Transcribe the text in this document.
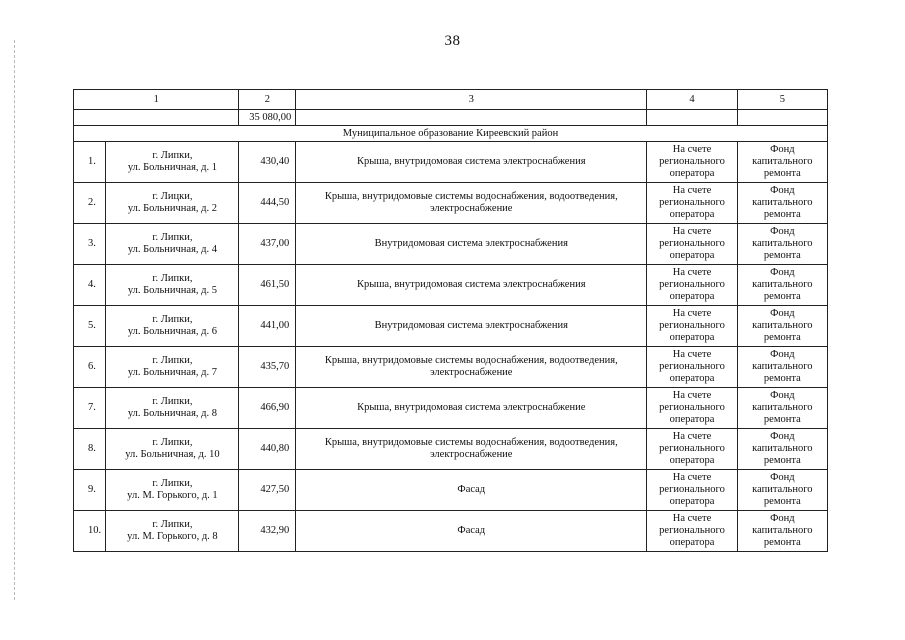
38
1		2	3	4	5
		35 080,00			
Муниципальное образование Киреевский район					
1.	г. Липки,
ул. Больничная, д. 1	430,40	Крыша, внутридомовая система электроснабжения	На счете регионального оператора	Фонд капитального ремонта
2.	г. Лицки,
ул. Больничная, д. 2	444,50	Крыша, внутридомовые системы водоснабжения, водоотведения, электроснабжение	На счете регионального оператора	Фонд капитального ремонта
3.	г. Липки,
ул. Больничная, д. 4	437,00	Внутридомовая система электроснабжения	На счете регионального оператора	Фонд капитального ремонта
4.	г. Липки,
ул. Больничная, д. 5	461,50	Крыша, внутридомовая система электроснабжения	На счете регионального оператора	Фонд капитального ремонта
5.	г. Липки,
ул. Больничная, д. 6	441,00	Внутридомовая система электроснабжения	На счете регионального оператора	Фонд капитального ремонта
6.	г. Липки,
ул. Больничная, д. 7	435,70	Крыша, внутридомовые системы водоснабжения, водоотведения, электроснабжение	На счете регионального оператора	Фонд капитального ремонта
7.	г. Липки,
ул. Больничная, д. 8	466,90	Крыша, внутридомовая система электроснабжение	На счете регионального оператора	Фонд капитального ремонта
8.	г. Липки,
ул. Больничная, д. 10	440,80	Крыша, внутридомовые системы водоснабжения, водоотведения, электроснабжение	На счете регионального оператора	Фонд капитального ремонта
9.	г. Липки,
ул. М. Горького, д. 1	427,50	Фасад	На счете регионального оператора	Фонд капитального ремонта
10.	г. Липки,
ул. М. Горького, д. 8	432,90	Фасад	На счете регионального оператора	Фонд капитального ремонта
